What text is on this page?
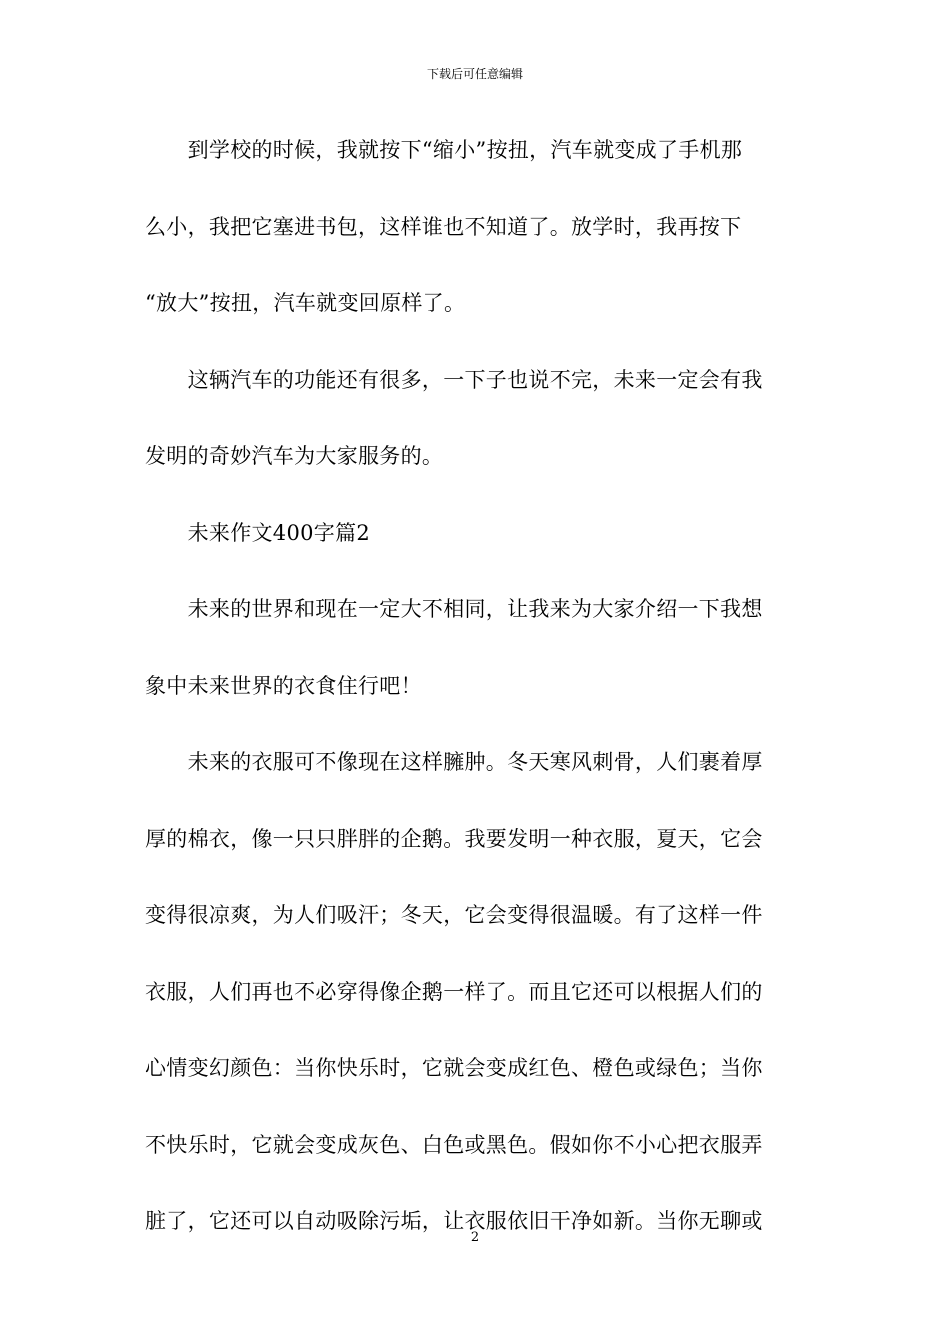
下载后可任意编辑
　　到学校的时候，我就按下“缩小”按扭，汽车就变成了手机那
么小，我把它塞进书包，这样谁也不知道了。放学时，我再按下
“放大”按扭，汽车就变回原样了。
　　这辆汽车的功能还有很多，一下子也说不完，未来一定会有我
发明的奇妙汽车为大家服务的。
　　未来作文400字篇2
　　未来的世界和现在一定大不相同，让我来为大家介绍一下我想
象中未来世界的衣食住行吧！
　　未来的衣服可不像现在这样臃肿。冬天寒风刺骨，人们裹着厚
厚的棉衣，像一只只胖胖的企鹅。我要发明一种衣服，夏天，它会
变得很凉爽，为人们吸汗；冬天，它会变得很温暖。有了这样一件
衣服，人们再也不必穿得像企鹅一样了。而且它还可以根据人们的
心情变幻颜色：当你快乐时，它就会变成红色、橙色或绿色；当你
不快乐时，它就会变成灰色、白色或黑色。假如你不小心把衣服弄
脏了，它还可以自动吸除污垢，让衣服依旧干净如新。当你无聊或
2
